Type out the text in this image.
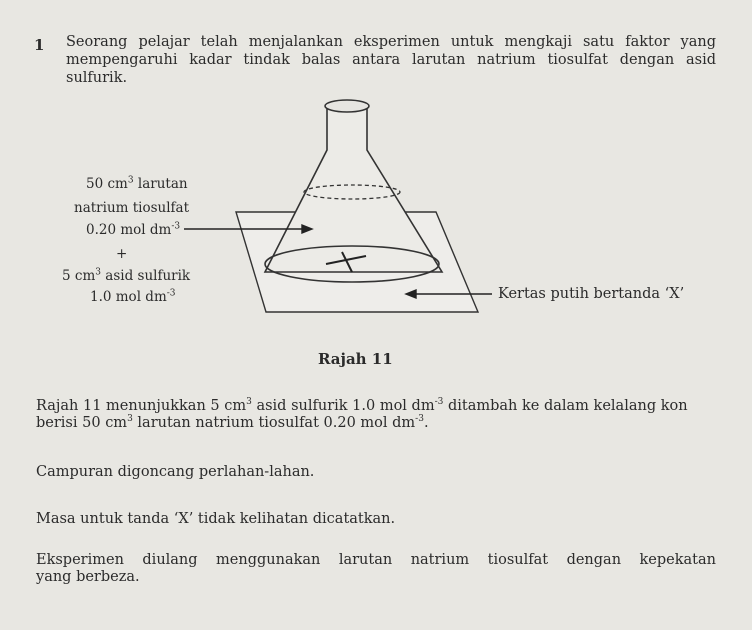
1 Seorang pelajar telah menjalankan eksperimen untuk mengkaji satu faktor yang
mempengaruhi kadar tindak balas antara larutan natrium tiosulfat dengan asid sulfurik.
50 $cm^3$ larutan
natrium tiosulfat
0.20 mol $dm^{-3}$
+
5 $cm^3$ asid sulfurik
1.0 mol $dm^{-3}$	Kertas putih bertanda ‘X’
Rajah 11
Rajah 11 menunjukkan 5 $cm^3$ asid sulfurik 1.0 mol $dm^{-3}$ ditambah ke dalam kelalang kon
berisi 50 $cm^3$ larutan natrium tiosulfat 0.20 mol $dm^{-3}$.
Campuran digoncang perlahan-lahan.
Masa untuk tanda ‘X’ tidak kelihatan dicatatkan.
Eksperimen diulang menggunakan larutan natrium tiosulfat dengan kepekatan
yang berbeza.
